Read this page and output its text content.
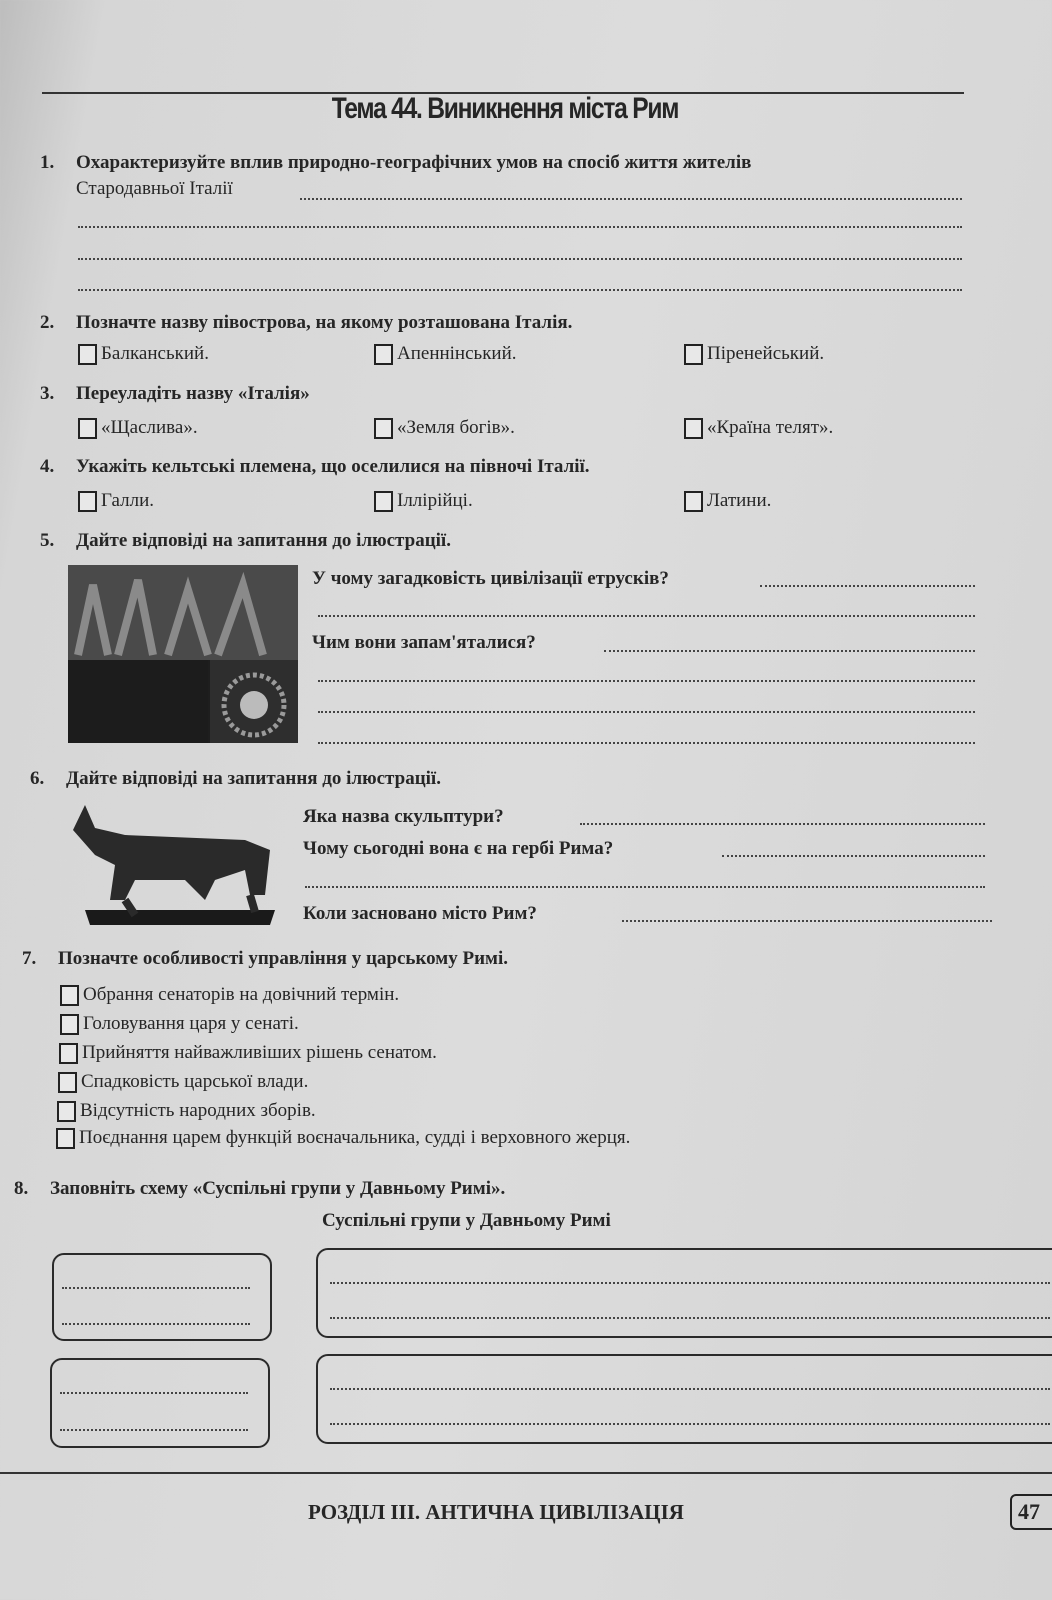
Тема 44. Виникнення міста Рим
1. Охарактеризуйте вплив природно-географічних умов на спосіб життя жителів
Стародавньої Італії
2. Позначте назву півострова, на якому розташована Італія.
Балканський.	Апеннінський.	Піренейський.
3. Переуладіть назву «Італія»
«Щаслива».	«Земля богів».	«Країна телят».
4. Укажіть кельтські племена, що оселилися на півночі Італії.
Галли.	Іллірійці.	Латини.
5. Дайте відповіді на запитання до ілюстрації.
У чому загадковість цивілізації етрусків?
Чим вони запам'яталися?
6. Дайте відповіді на запитання до ілюстрації.
Яка назва скульптури?
Чому сьогодні вона є на гербі Рима?
Коли засновано місто Рим?
7. Позначте особливості управління у царському Римі.
Обрання сенаторів на довічний термін.
Головування царя у сенаті.
Прийняття найважливіших рішень сенатом.
Спадковість царської влади.
Відсутність народних зборів.
Поєднання царем функцій воєначальника, судді і верховного жерця.
8. Заповніть схему «Суспільні групи у Давньому Римі».
Суспільні групи у Давньому Римі
РОЗДІЛ ІІІ. АНТИЧНА ЦИВІЛІЗАЦІЯ	47
